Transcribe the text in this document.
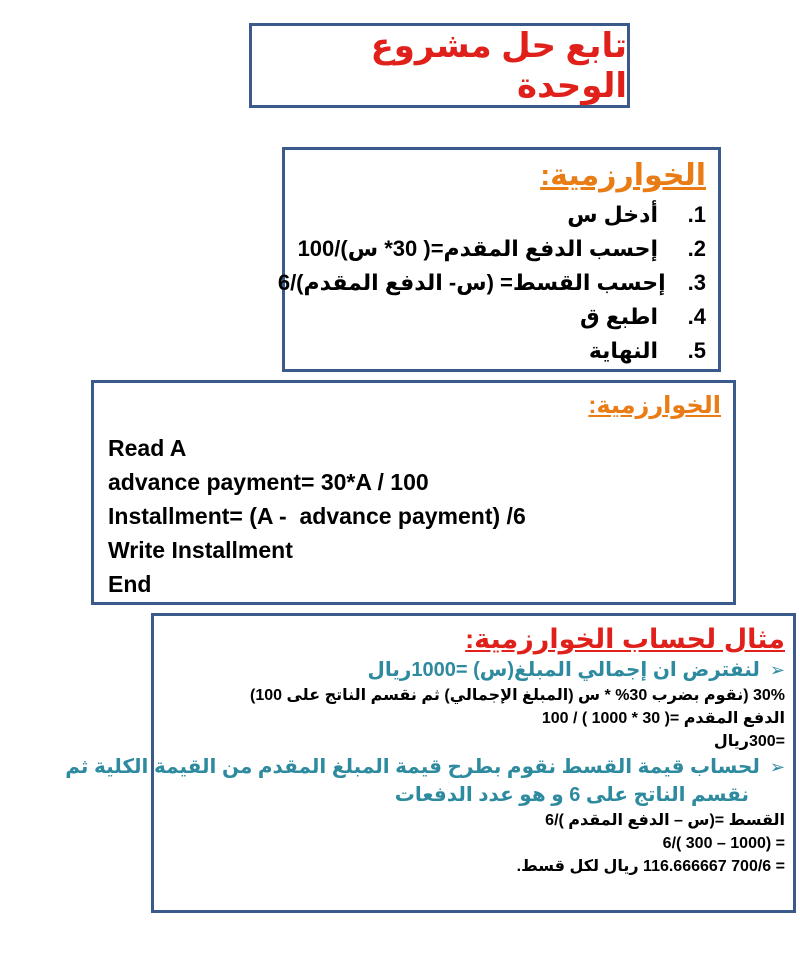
تابع حل مشروع الوحدة
الخوارزمية:
1.
أدخل س
2.
إحسب الدفع المقدم=( 30* س)/100
3.
إحسب القسط= (س- الدفع المقدم)/6
4.
اطبع ق
5.
النهاية
الخوارزمية:
Read A
advance payment= 30*A / 100
Installment= (A -  advance payment) /6
Write Installment
End
مثال لحساب الخوارزمية:
➢لنفترض ان إجمالي المبلغ(س) =1000ريال
30% (نقوم بضرب 30% * س (المبلغ الإجمالي) ثم نقسم الناتج على 100)
الدفع المقدم =( 30 * 1000 ) / 100
=300ريال
➢لحساب قيمة القسط نقوم بطرح قيمة المبلغ المقدم من القيمة الكلية ثم
نقسم الناتج على 6 و هو عدد الدفعات
القسط =(س – الدفع المقدم )/6
= (1000 – 300 )/6
= 700/6 116.666667 ريال لكل قسط.
